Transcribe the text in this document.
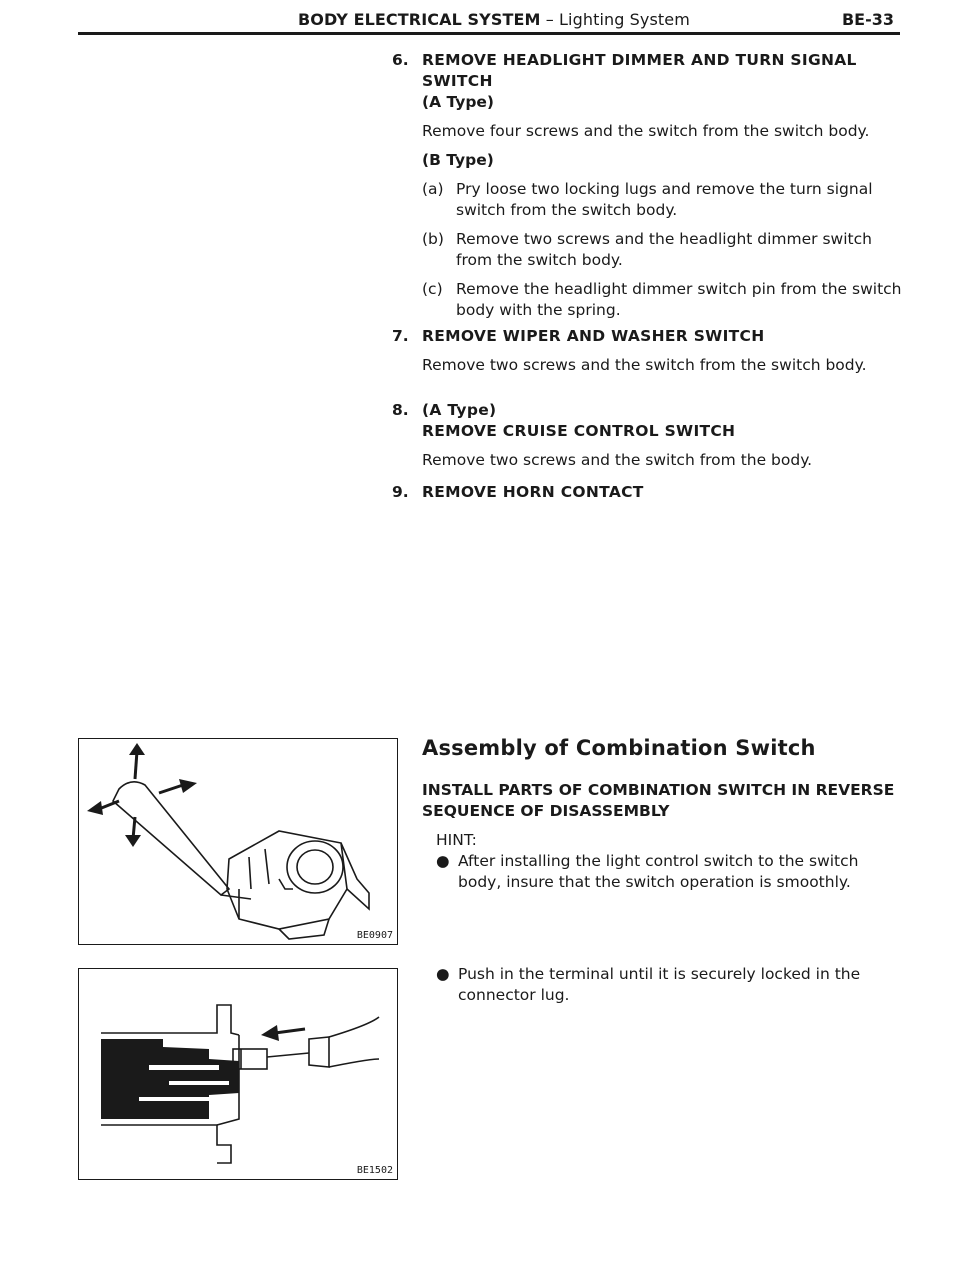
BODY ELECTRICAL SYSTEM – Lighting System	BE-33
6. REMOVE HEADLIGHT DIMMER AND TURN SIGNAL
SWITCH
(A Type)

Remove four screws and the switch from the switch body.

(B Type)
(a) Pry loose two locking lugs and remove the turn signal switch from the switch body.
(b) Remove two screws and the headlight dimmer switch from the switch body.
(c) Remove the headlight dimmer switch pin from the switch body with the spring.
7. REMOVE WIPER AND WASHER SWITCH

Remove two screws and the switch from the switch body.

8. (A Type)
REMOVE CRUISE CONTROL SWITCH

Remove two screws and the switch from the body.

9. REMOVE HORN CONTACT
Assembly of Combination Switch
INSTALL PARTS OF COMBINATION SWITCH IN REVERSE SEQUENCE OF DISASSEMBLY
HINT:
● After installing the light control switch to the switch body, insure that the switch operation is smoothly.
● Push in the terminal until it is securely locked in the connector lug.
BE0907
BE1502
